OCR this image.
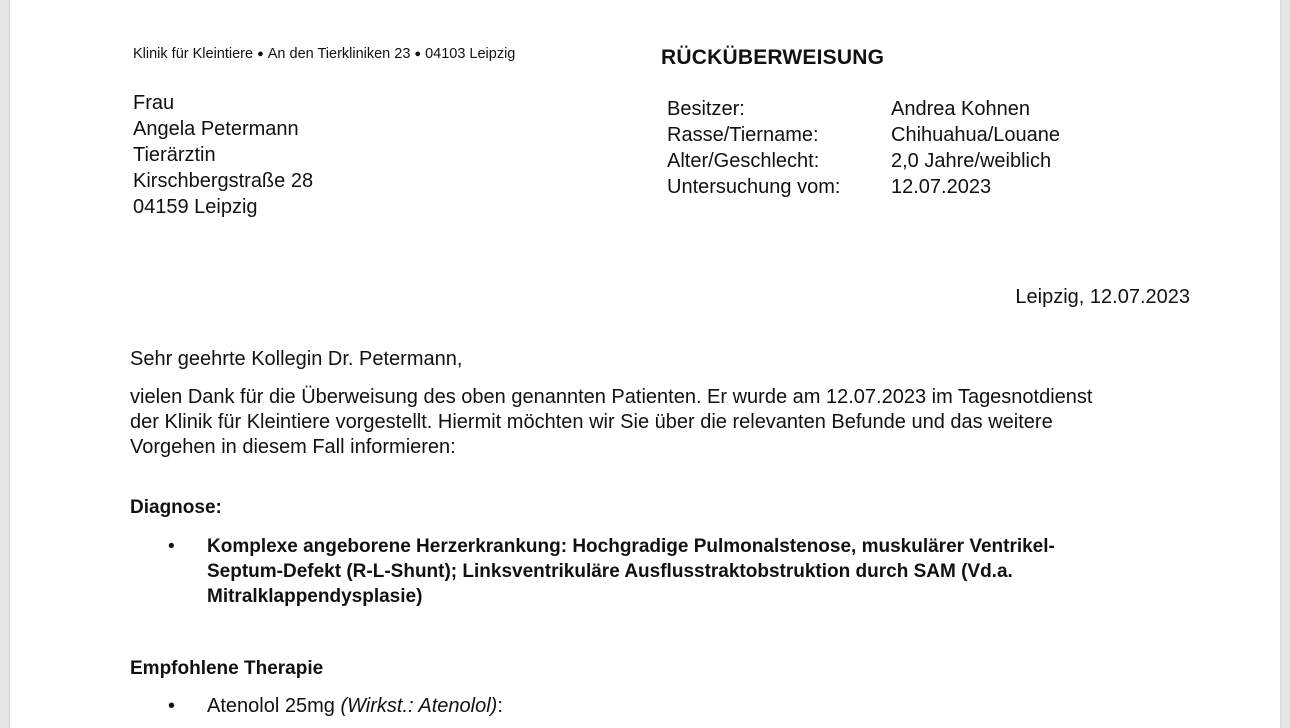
Klinik für Kleintiere ● An den Tierkliniken 23 ● 04103 Leipzig	RÜCKÜBERWEISUNG
Frau
Angela Petermann
Tierärztin
Kirschbergstraße 28
04159 Leipzig
Besitzer:	Andrea Kohnen
Rasse/Tiername:	Chihuahua/Louane
Alter/Geschlecht:	2,0 Jahre/weiblich
Untersuchung vom:	12.07.2023
Leipzig, 12.07.2023
Sehr geehrte Kollegin Dr. Petermann,
vielen Dank für die Überweisung des oben genannten Patienten. Er wurde am 12.07.2023 im Tagesnotdienst
der Klinik für Kleintiere vorgestellt. Hiermit möchten wir Sie über die relevanten Befunde und das weitere
Vorgehen in diesem Fall informieren:
Diagnose:
• Komplexe angeborene Herzerkrankung: Hochgradige Pulmonalstenose, muskulärer Ventrikel-
Septum-Defekt (R-L-Shunt); Linksventrikuläre Ausflusstraktobstruktion durch SAM (Vd.a.
Mitralklappendysplasie)
Empfohlene Therapie
• Atenolol 25mg (Wirkst.: Atenolol):
